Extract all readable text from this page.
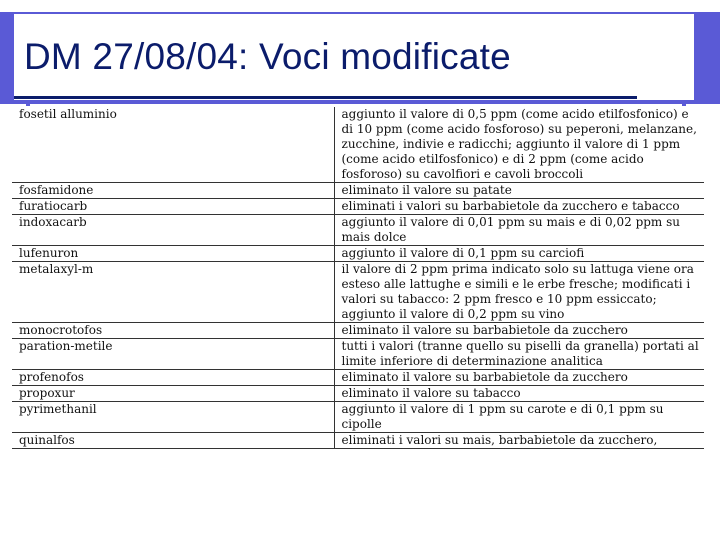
DM 27/08/04: Voci modificate
fosetil alluminio	aggiunto il valore di 0,5 ppm (come acido etilfosfonico) e di 10 ppm (come acido fosforoso) su peperoni, melanzane, zucchine, indivie e radicchi; aggiunto il valore di 1 ppm (come acido etilfosfonico) e di 2 ppm (come acido fosforoso) su cavolfiori e cavoli broccoli
fosfamidone	eliminato il valore su patate
furatiocarb	eliminati i valori su barbabietole da zucchero e tabacco
indoxacarb	aggiunto il valore di 0,01 ppm su mais e di 0,02 ppm su mais dolce
lufenuron	aggiunto il valore di 0,1 ppm su carciofi
metalaxyl-m	il valore di 2 ppm prima indicato solo su lattuga viene ora esteso alle lattughe e simili e le erbe fresche; modificati i valori su tabacco: 2 ppm fresco e 10 ppm essiccato; aggiunto il valore di 0,2 ppm su vino
monocrotofos	eliminato il valore su barbabietole da zucchero
paration-metile	tutti i valori (tranne quello su piselli da granella) portati al limite inferiore di determinazione analitica
profenofos	eliminato il valore su barbabietole da zucchero
propoxur	eliminato il valore su tabacco
pyrimethanil	aggiunto il valore di 1 ppm su carote e di 0,1 ppm su cipolle
quinalfos	eliminati i valori su mais, barbabietole da zucchero,
